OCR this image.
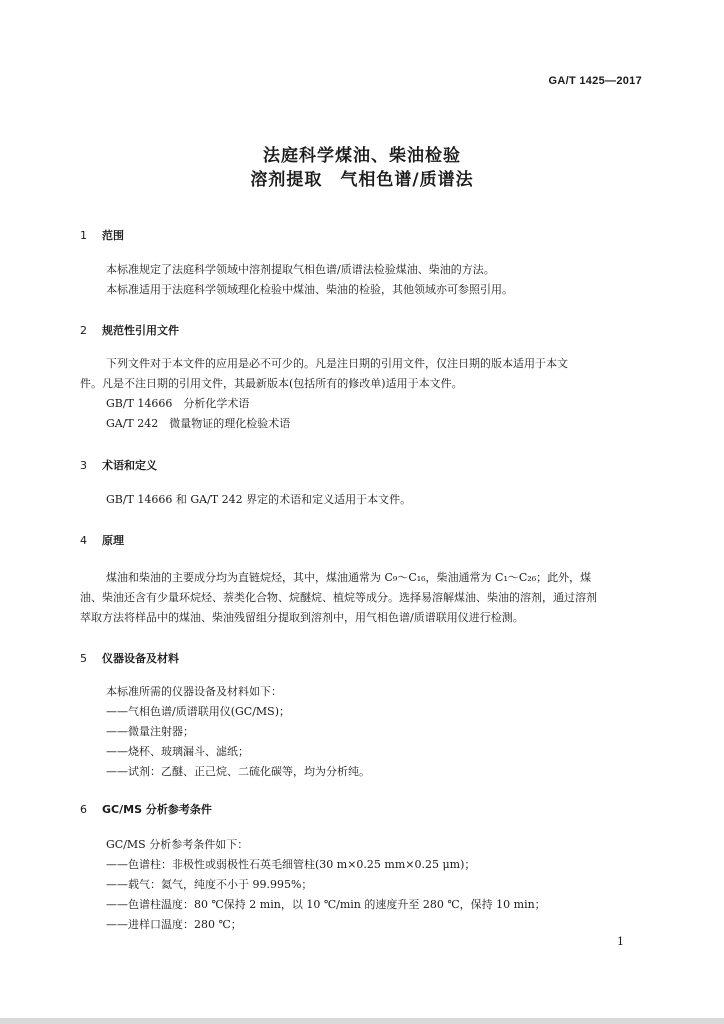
GA/T 1425—2017
法庭科学煤油、柴油检验
溶剂提取　气相色谱/质谱法
1 范围
本标准规定了法庭科学领域中溶剂提取气相色谱/质谱法检验煤油、柴油的方法。
本标准适用于法庭科学领域理化检验中煤油、柴油的检验，其他领域亦可参照引用。
2 规范性引用文件
下列文件对于本文件的应用是必不可少的。凡是注日期的引用文件，仅注日期的版本适用于本文
件。凡是不注日期的引用文件，其最新版本(包括所有的修改单)适用于本文件。
GB/T 14666　分析化学术语
GA/T 242　微量物证的理化检验术语
3 术语和定义
GB/T 14666 和 GA/T 242 界定的术语和定义适用于本文件。
4 原理
煤油和柴油的主要成分均为直链烷烃，其中，煤油通常为 C₉～C₁₆，柴油通常为 C₁～C₂₆；此外，煤
油、柴油还含有少量环烷烃、萘类化合物、烷醚烷、植烷等成分。选择易溶解煤油、柴油的溶剂，通过溶剂
萃取方法将样品中的煤油、柴油残留组分提取到溶剂中，用气相色谱/质谱联用仪进行检测。
5 仪器设备及材料
本标准所需的仪器设备及材料如下：
——气相色谱/质谱联用仪(GC/MS)；
——微量注射器；
——烧杯、玻璃漏斗、滤纸；
——试剂：乙醚、正己烷、二硫化碳等，均为分析纯。
6 GC/MS 分析参考条件
GC/MS 分析参考条件如下：
——色谱柱：非极性或弱极性石英毛细管柱(30 m×0.25 mm×0.25 μm)；
——载气：氦气，纯度不小于 99.995%；
——色谱柱温度：80 ℃保持 2 min，以 10 ℃/min 的速度升至 280 ℃，保持 10 min；
——进样口温度：280 ℃；
1
